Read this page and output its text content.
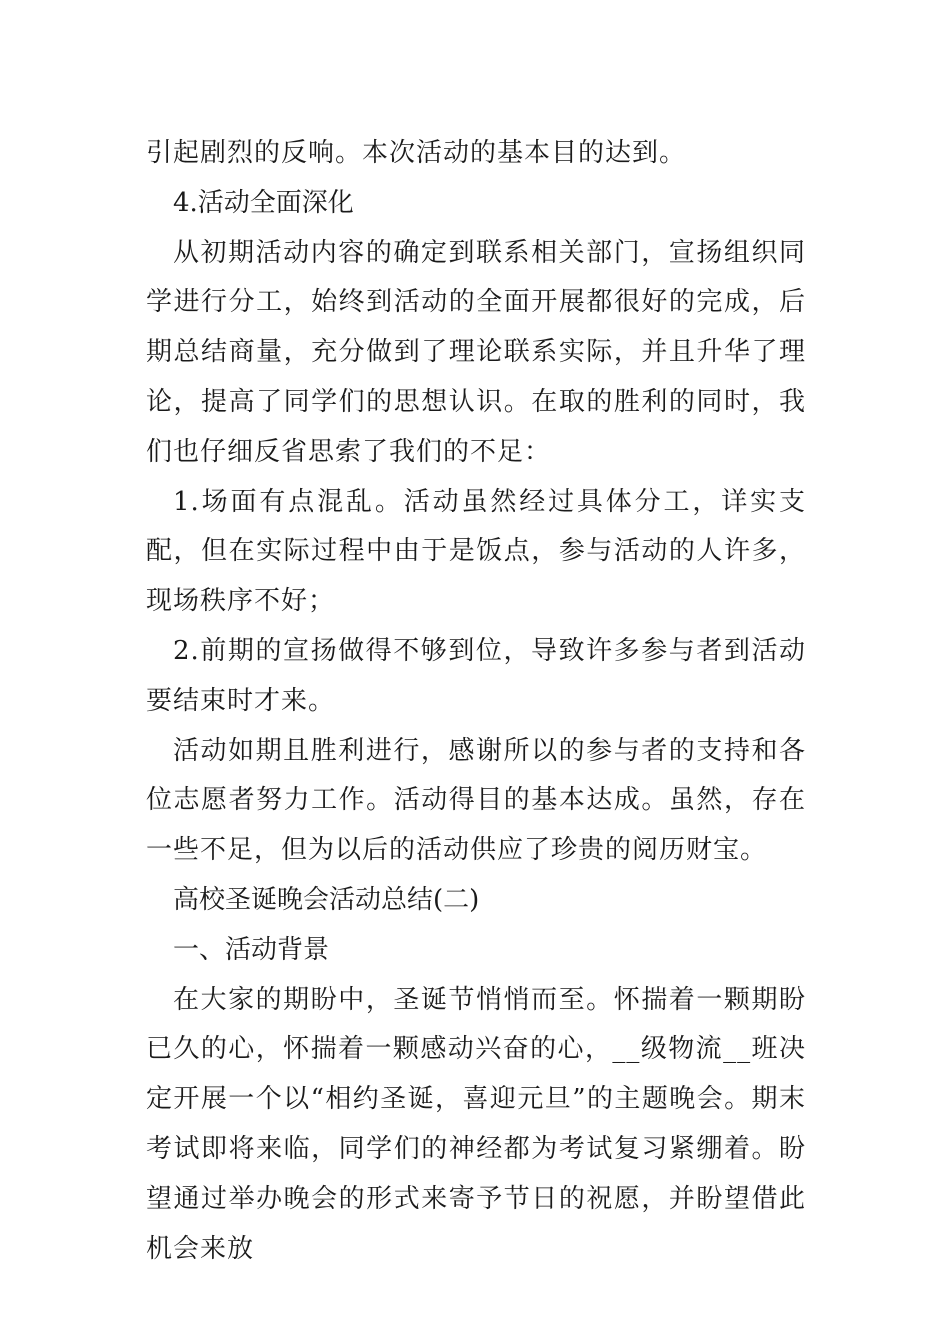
引起剧烈的反响。本次活动的基本目的达到。

4.活动全面深化

从初期活动内容的确定到联系相关部门，宣扬组织同学进行分工，始终到活动的全面开展都很好的完成，后期总结商量，充分做到了理论联系实际，并且升华了理论，提高了同学们的思想认识。在取的胜利的同时，我们也仔细反省思索了我们的不足：

1.场面有点混乱。活动虽然经过具体分工，详实支配，但在实际过程中由于是饭点，参与活动的人许多，现场秩序不好；

2.前期的宣扬做得不够到位，导致许多参与者到活动要结束时才来。

活动如期且胜利进行，感谢所以的参与者的支持和各位志愿者努力工作。活动得目的基本达成。虽然，存在一些不足，但为以后的活动供应了珍贵的阅历财宝。

高校圣诞晚会活动总结(二)

一、活动背景

在大家的期盼中，圣诞节悄悄而至。怀揣着一颗期盼已久的心，怀揣着一颗感动兴奋的心，__级物流__班决定开展一个以“相约圣诞，喜迎元旦”的主题晚会。期末考试即将来临，同学们的神经都为考试复习紧绷着。盼望通过举办晚会的形式来寄予节日的祝愿，并盼望借此机会来放
